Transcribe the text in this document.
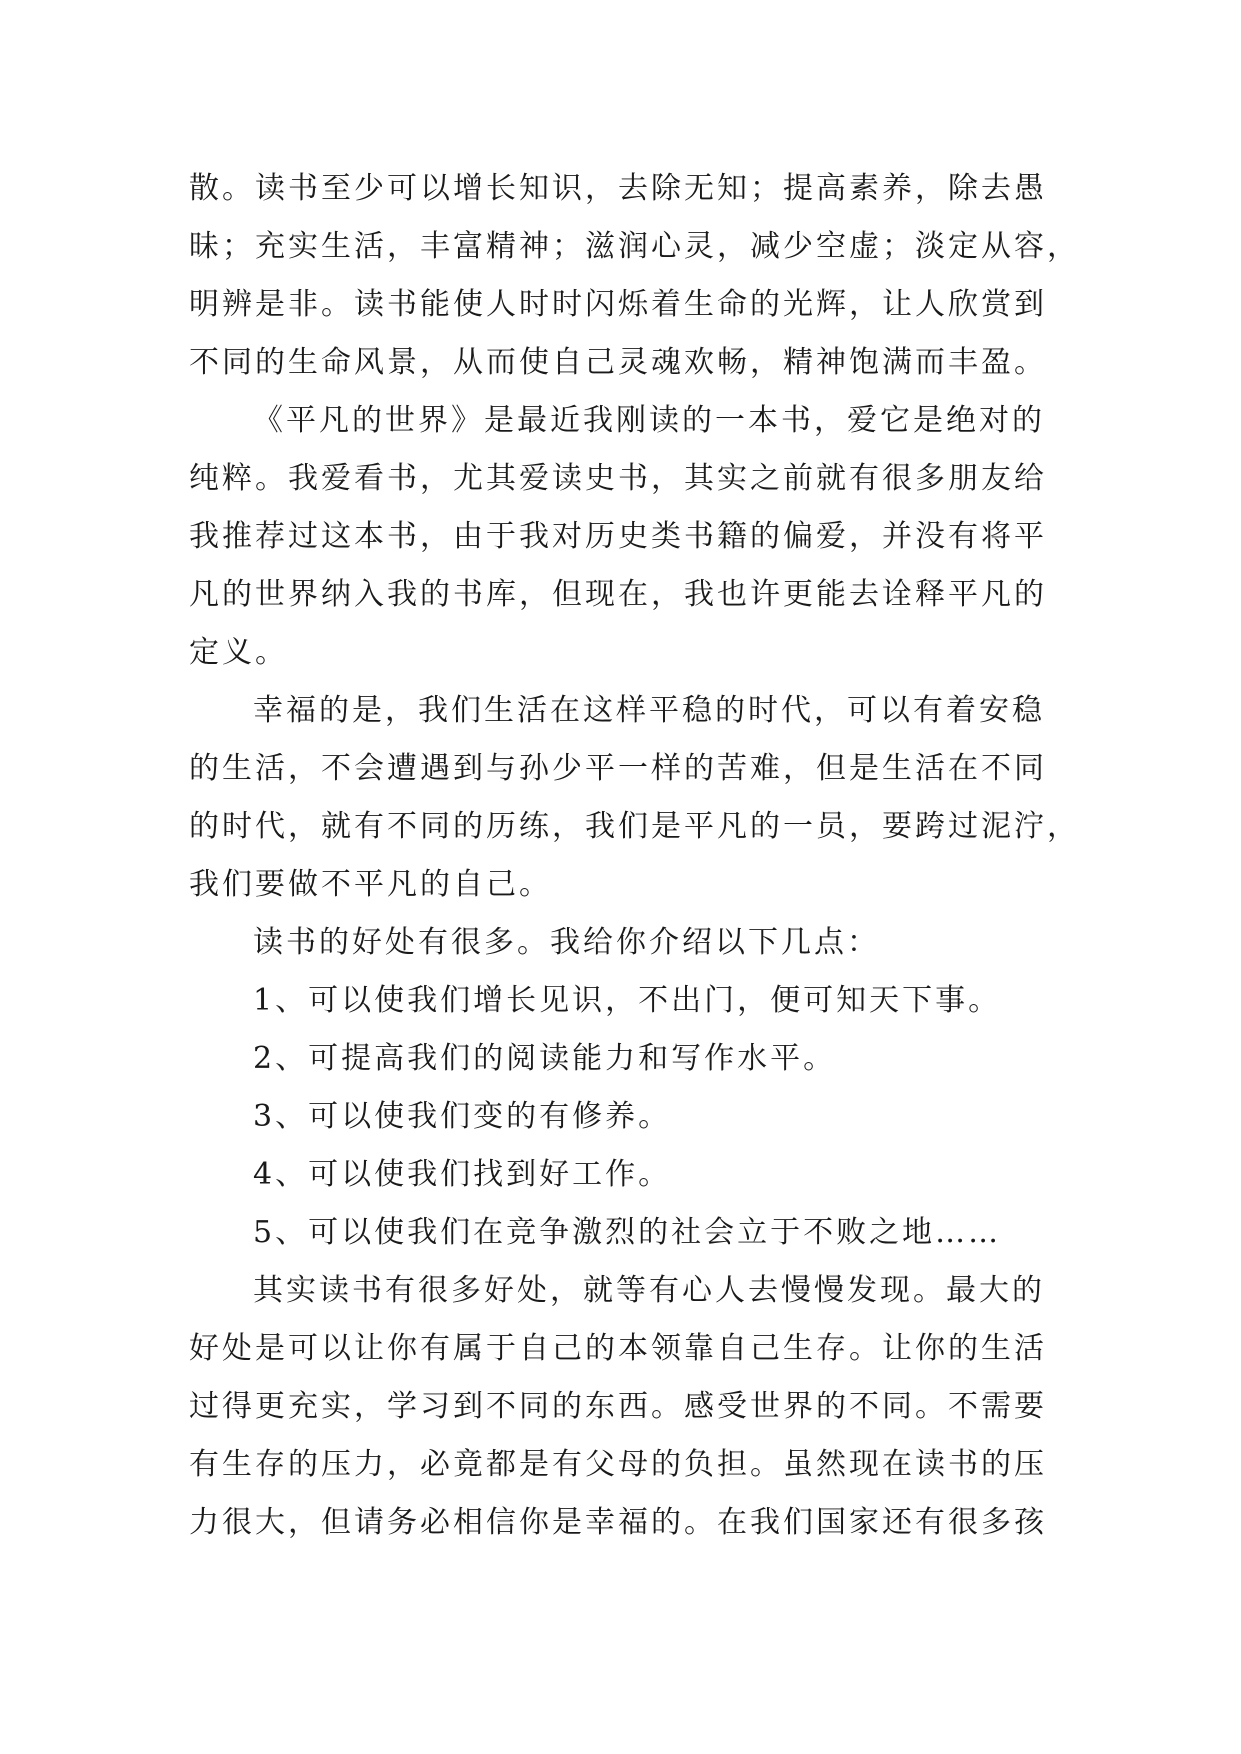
散。读书至少可以增长知识，去除无知；提高素养，除去愚
昧；充实生活，丰富精神；滋润心灵，减少空虚；淡定从容，
明辨是非。读书能使人时时闪烁着生命的光辉，让人欣赏到
不同的生命风景，从而使自己灵魂欢畅，精神饱满而丰盈。
《平凡的世界》是最近我刚读的一本书，爱它是绝对的
纯粹。我爱看书，尤其爱读史书，其实之前就有很多朋友给
我推荐过这本书，由于我对历史类书籍的偏爱，并没有将平
凡的世界纳入我的书库，但现在，我也许更能去诠释平凡的
定义。
幸福的是，我们生活在这样平稳的时代，可以有着安稳
的生活，不会遭遇到与孙少平一样的苦难，但是生活在不同
的时代，就有不同的历练，我们是平凡的一员，要跨过泥泞，
我们要做不平凡的自己。
读书的好处有很多。我给你介绍以下几点：
1、可以使我们增长见识，不出门，便可知天下事。
2、可提高我们的阅读能力和写作水平。
3、可以使我们变的有修养。
4、可以使我们找到好工作。
5、可以使我们在竞争激烈的社会立于不败之地……
其实读书有很多好处，就等有心人去慢慢发现。最大的
好处是可以让你有属于自己的本领靠自己生存。让你的生活
过得更充实，学习到不同的东西。感受世界的不同。不需要
有生存的压力，必竟都是有父母的负担。虽然现在读书的压
力很大，但请务必相信你是幸福的。在我们国家还有很多孩
